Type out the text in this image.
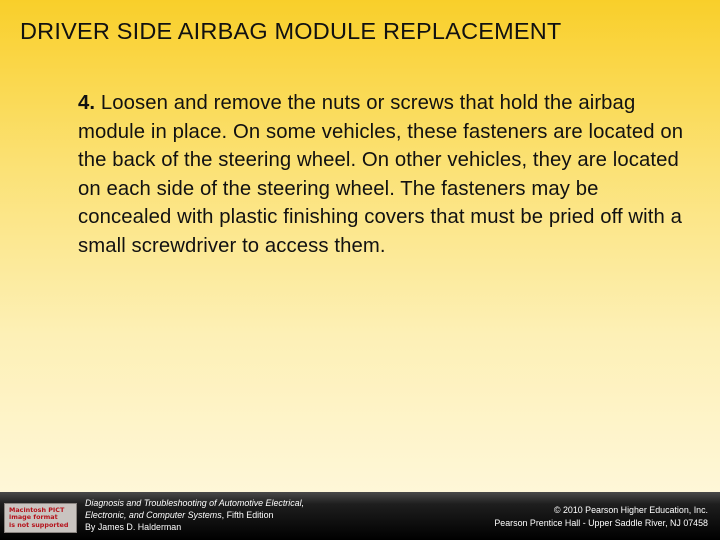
DRIVER SIDE AIRBAG MODULE REPLACEMENT

4. Loosen and remove the nuts or screws that hold the airbag module in place. On some vehicles, these fasteners are located on the back of the steering wheel. On other vehicles, they are located on each side of the steering wheel. The fasteners may be concealed with plastic finishing covers that must be pried off with a small screwdriver to access them.

Macintosh PICT
image format
is not supported
Diagnosis and Troubleshooting of Automotive Electrical,
Electronic, and Computer Systems, Fifth Edition
By James D. Halderman
© 2010 Pearson Higher Education, Inc.
Pearson Prentice Hall - Upper Saddle River, NJ 07458
